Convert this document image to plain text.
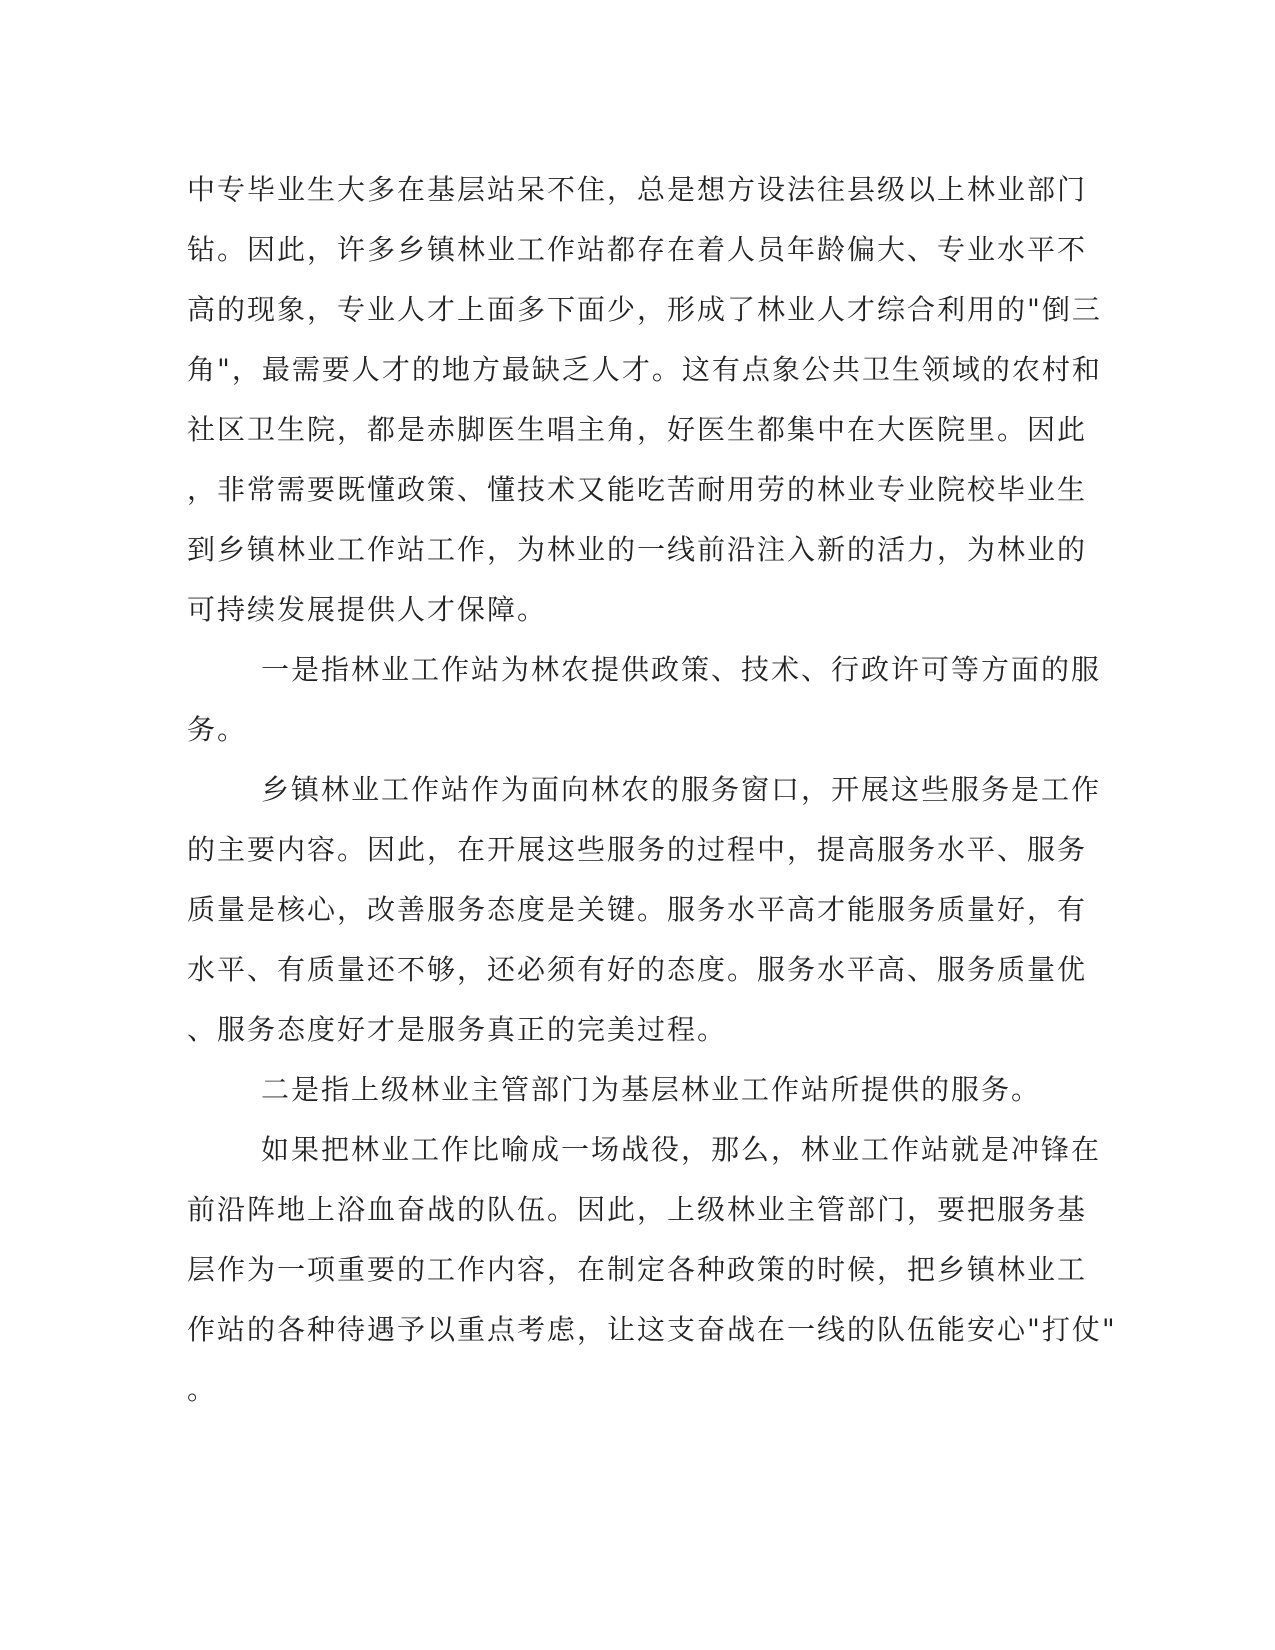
中专毕业生大多在基层站呆不住，总是想方设法往县级以上林业部门
钻。因此，许多乡镇林业工作站都存在着人员年龄偏大、专业水平不
高的现象，专业人才上面多下面少，形成了林业人才综合利用的"倒三
角"，最需要人才的地方最缺乏人才。这有点象公共卫生领域的农村和
社区卫生院，都是赤脚医生唱主角，好医生都集中在大医院里。因此
，非常需要既懂政策、懂技术又能吃苦耐用劳的林业专业院校毕业生
到乡镇林业工作站工作，为林业的一线前沿注入新的活力，为林业的
可持续发展提供人才保障。
一是指林业工作站为林农提供政策、技术、行政许可等方面的服
务。
乡镇林业工作站作为面向林农的服务窗口，开展这些服务是工作
的主要内容。因此，在开展这些服务的过程中，提高服务水平、服务
质量是核心，改善服务态度是关键。服务水平高才能服务质量好，有
水平、有质量还不够，还必须有好的态度。服务水平高、服务质量优
、服务态度好才是服务真正的完美过程。
二是指上级林业主管部门为基层林业工作站所提供的服务。
如果把林业工作比喻成一场战役，那么，林业工作站就是冲锋在
前沿阵地上浴血奋战的队伍。因此，上级林业主管部门，要把服务基
层作为一项重要的工作内容，在制定各种政策的时候，把乡镇林业工
作站的各种待遇予以重点考虑，让这支奋战在一线的队伍能安心"打仗"
。
